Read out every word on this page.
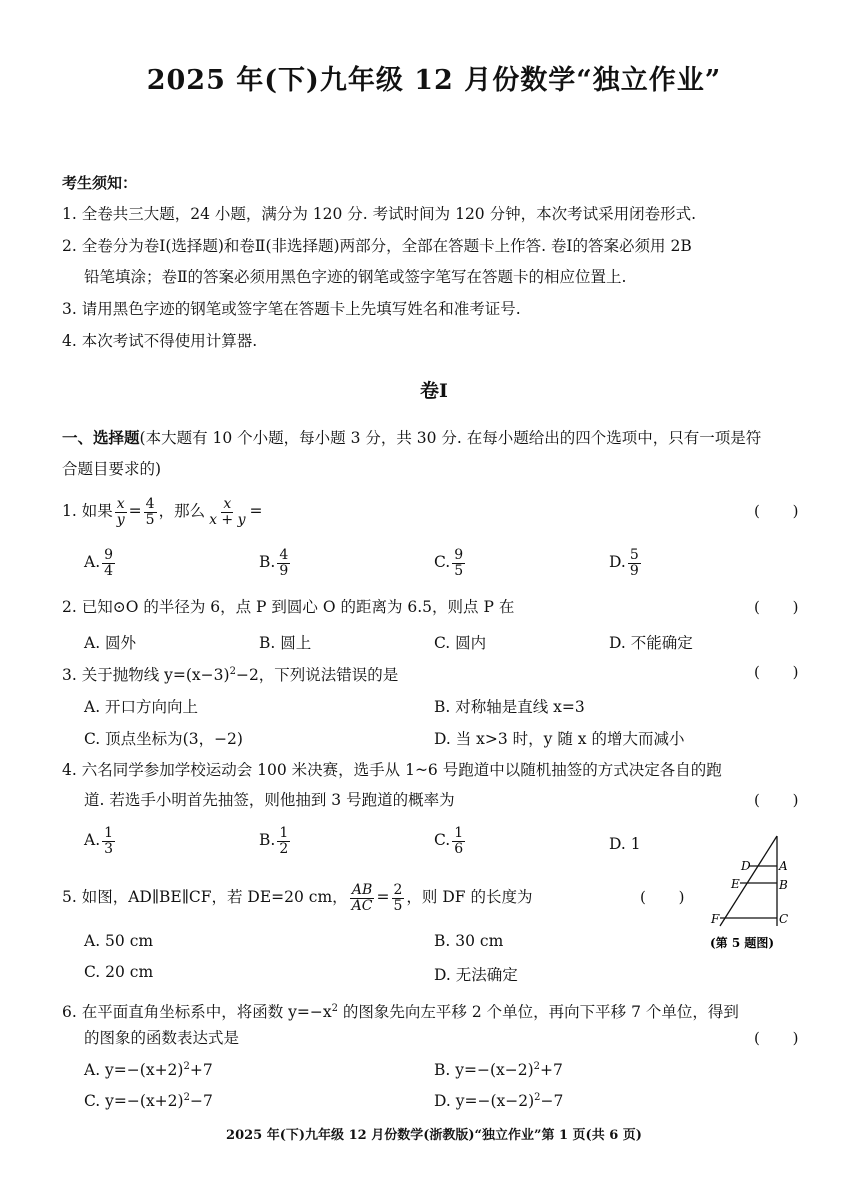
2025 年(下)九年级 12 月份数学“独立作业”
考生须知：
1. 全卷共三大题，24 小题，满分为 120 分. 考试时间为 120 分钟，本次考试采用闭卷形式.
2. 全卷分为卷Ⅰ(选择题)和卷Ⅱ(非选择题)两部分，全部在答题卡上作答. 卷Ⅰ的答案必须用 2B
铅笔填涂；卷Ⅱ的答案必须用黑色字迹的钢笔或签字笔写在答题卡的相应位置上.
3. 请用黑色字迹的钢笔或签字笔在答题卡上先填写姓名和准考证号.
4. 本次考试不得使用计算器.
卷Ⅰ
一、选择题(本大题有 10 个小题，每小题 3 分，共 30 分. 在每小题给出的四个选项中，只有一项是符
合题目要求的)
1. 如果 $\frac{x}{y} = \frac{4}{5}$ ，那么 $\frac{x}{x + y}$ =	( )
A. $\frac{9}{4}$	B. $\frac{4}{9}$	C. $\frac{9}{5}$	D. $\frac{5}{9}$
2. 已知⊙O 的半径为 6，点 P 到圆心 O 的距离为 6.5，则点 P 在	( )
A. 圆外	B. 圆上	C. 圆内	D. 不能确定
3. 关于抛物线 $y=(x-3)^2-2$，下列说法错误的是	( )
A. 开口方向向上	B. 对称轴是直线 x=3
C. 顶点坐标为(3，−2)	D. 当 x>3 时，y 随 x 的增大而减小
4. 六名同学参加学校运动会 100 米决赛，选手从 1~6 号跑道中以随机抽签的方式决定各自的跑
道. 若选手小明首先抽签，则他抽到 3 号跑道的概率为	( )
A. $\frac{1}{3}$	B. $\frac{1}{2}$	C. $\frac{1}{6}$	D. 1
5. 如图，AD∥BE∥CF，若 DE=20 cm， $\frac{AB}{AC} = \frac{2}{5}$ ，则 DF 的长度为	( )
A. 50 cm	B. 30 cm
C. 20 cm	D. 无法确定
D A
E	B
F	C
(第 5 题图)
6. 在平面直角坐标系中，将函数 $y=-x^2$ 的图象先向左平移 2 个单位，再向下平移 7 个单位，得到
的图象的函数表达式是	( )
A. $y=-(x+2)^2+7$	B. $y=-(x-2)^2+7$
C. $y=-(x+2)^2-7$	D. $y=-(x-2)^2-7$
2025 年(下)九年级 12 月份数学(浙教版)“独立作业”第 1 页(共 6 页)
